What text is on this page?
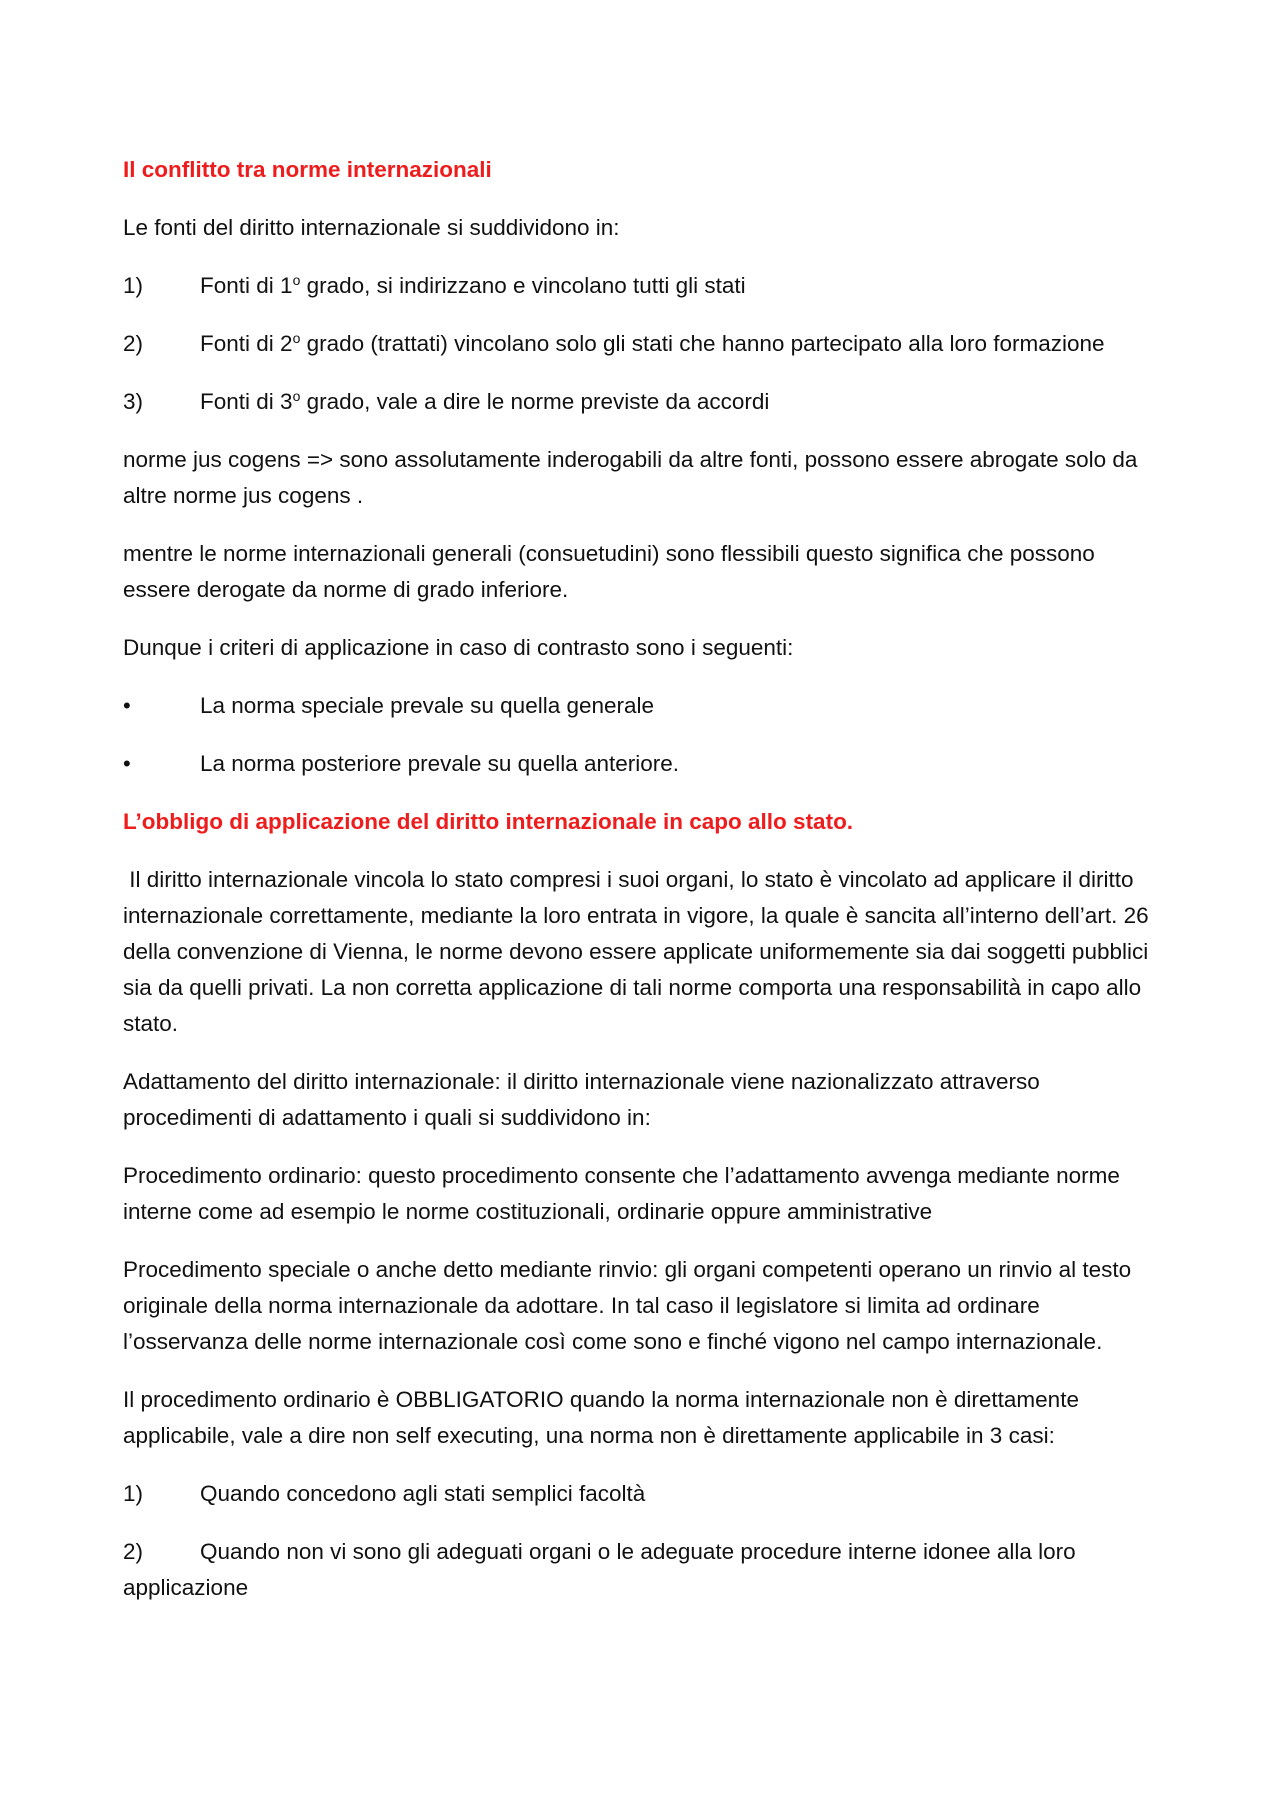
Il conflitto tra norme internazionali

Le fonti del diritto internazionale si suddividono in:

1)	Fonti di 1$^o$ grado, si indirizzano e vincolano tutti gli stati

2)	Fonti di 2$^o$ grado (trattati) vincolano solo gli stati che hanno partecipato alla loro formazione

3)	Fonti di 3$^o$ grado, vale a dire le norme previste da accordi

norme jus cogens => sono assolutamente inderogabili da altre fonti, possono essere abrogate solo da altre norme jus cogens .

mentre le norme internazionali generali (consuetudini) sono flessibili questo significa che possono essere derogate da norme di grado inferiore.

Dunque i criteri di applicazione in caso di contrasto sono i seguenti:

•	La norma speciale prevale su quella generale

•	La norma posteriore prevale su quella anteriore.

L’obbligo di applicazione del diritto internazionale in capo allo stato.

Il diritto internazionale vincola lo stato compresi i suoi organi, lo stato è vincolato ad applicare il diritto internazionale correttamente, mediante la loro entrata in vigore, la quale è sancita all’interno dell’art. 26 della convenzione di Vienna, le norme devono essere applicate uniformemente sia dai soggetti pubblici sia da quelli privati. La non corretta applicazione di tali norme comporta una responsabilità in capo allo stato.

Adattamento del diritto internazionale: il diritto internazionale viene nazionalizzato attraverso procedimenti di adattamento i quali si suddividono in:

Procedimento ordinario: questo procedimento consente che l’adattamento avvenga mediante norme interne come ad esempio le norme costituzionali, ordinarie oppure amministrative

Procedimento speciale o anche detto mediante rinvio: gli organi competenti operano un rinvio al testo originale della norma internazionale da adottare. In tal caso il legislatore si limita ad ordinare l’osservanza delle norme internazionale così come sono e finché vigono nel campo internazionale.

Il procedimento ordinario è OBBLIGATORIO quando la norma internazionale non è direttamente applicabile, vale a dire non self executing, una norma non è direttamente applicabile in 3 casi:

1)	Quando concedono agli stati semplici facoltà

2)	Quando non vi sono gli adeguati organi o le adeguate procedure interne idonee alla loro applicazione
